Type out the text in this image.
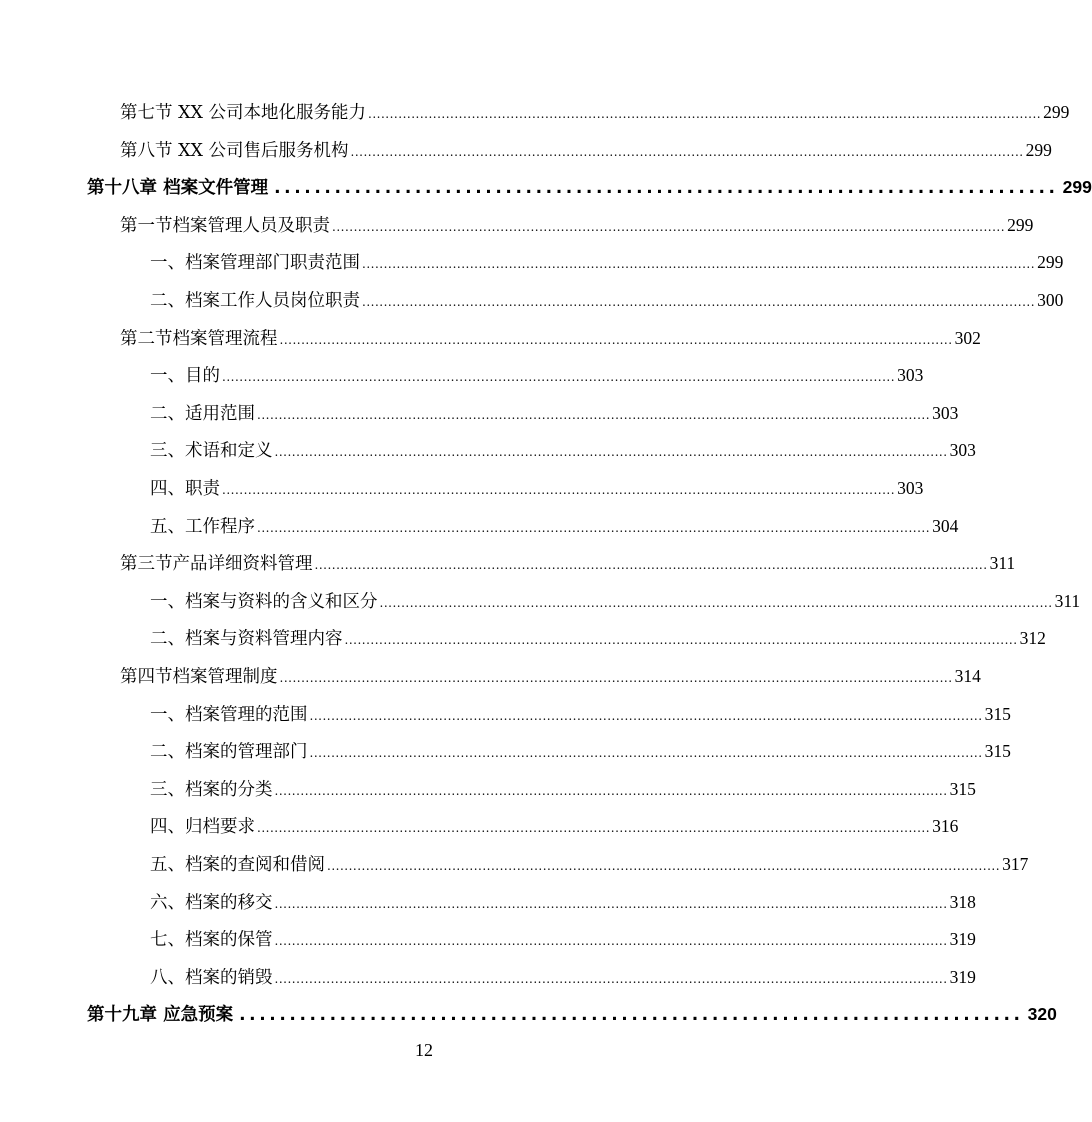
第七节 XX 公司本地化服务能力 ............................................................................................................................................................ 299
第八节 XX 公司售后服务机构 ............................................................................................................................................................ 299
第十八章 档案文件管理 .............................................................................. 299
第一节档案管理人员及职责 ............................................................................................................................................................ 299
一、档案管理部门职责范围 ............................................................................................................................................................ 299
二、档案工作人员岗位职责 ............................................................................................................................................................ 300
第二节档案管理流程 ............................................................................................................................................................ 302
一、目的 ............................................................................................................................................................ 303
二、适用范围 ............................................................................................................................................................ 303
三、术语和定义 ............................................................................................................................................................ 303
四、职责 ............................................................................................................................................................ 303
五、工作程序 ............................................................................................................................................................ 304
第三节产品详细资料管理 ............................................................................................................................................................ 311
一、档案与资料的含义和区分 ............................................................................................................................................................ 311
二、档案与资料管理内容 ............................................................................................................................................................ 312
第四节档案管理制度 ............................................................................................................................................................ 314
一、档案管理的范围 ............................................................................................................................................................ 315
二、档案的管理部门 ............................................................................................................................................................ 315
三、档案的分类 ............................................................................................................................................................ 315
四、归档要求 ............................................................................................................................................................ 316
五、档案的查阅和借阅 ............................................................................................................................................................ 317
六、档案的移交 ............................................................................................................................................................ 318
七、档案的保管 ............................................................................................................................................................ 319
八、档案的销毁 ............................................................................................................................................................ 319
第十九章 应急预案 .............................................................................. 320
12
